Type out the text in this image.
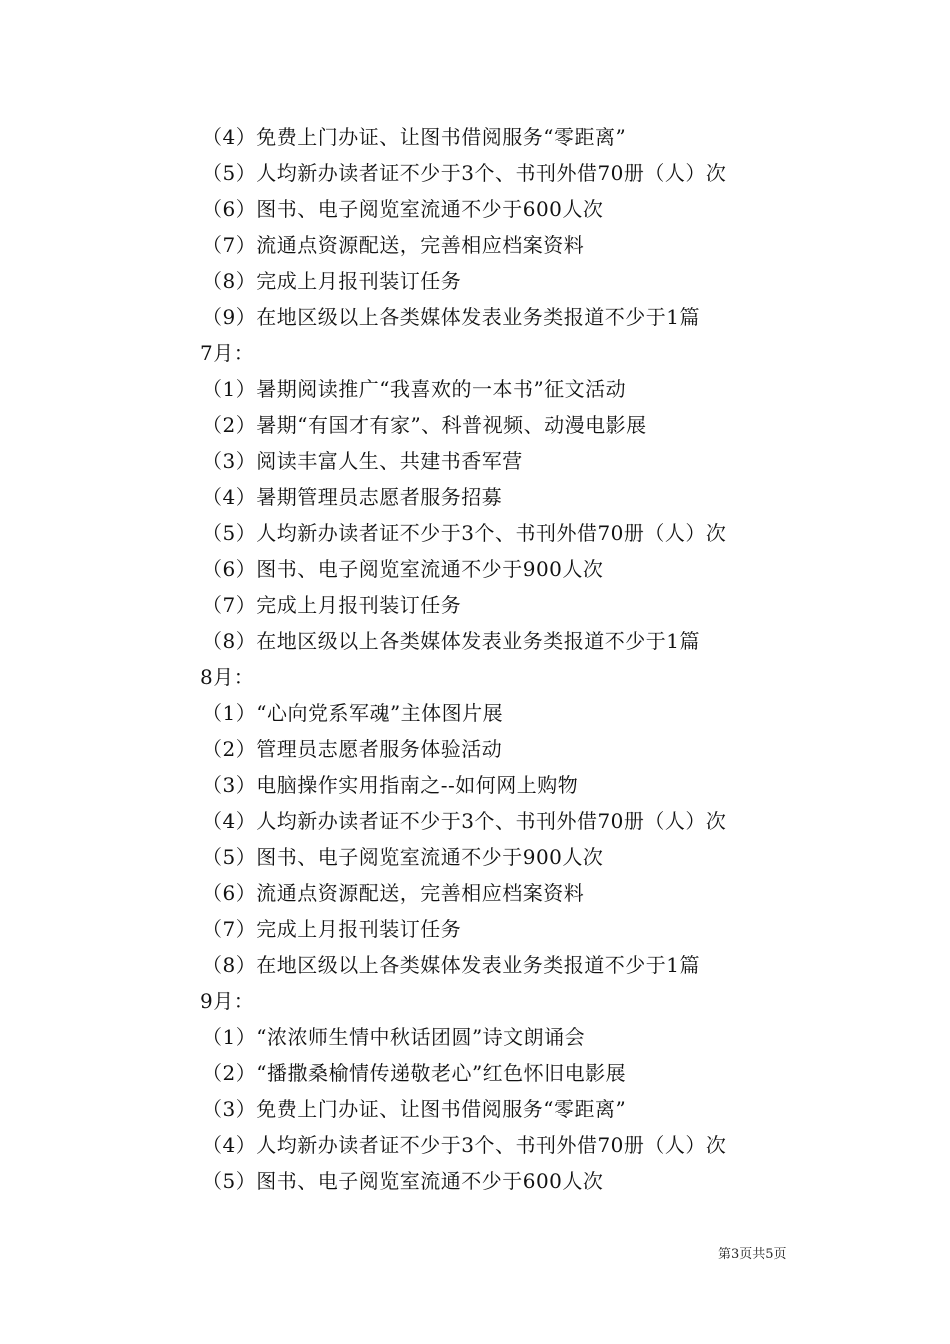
（4）免费上门办证、让图书借阅服务“零距离”
（5）人均新办读者证不少于3个、书刊外借70册（人）次
（6）图书、电子阅览室流通不少于600人次
（7）流通点资源配送，完善相应档案资料
（8）完成上月报刊装订任务
（9）在地区级以上各类媒体发表业务类报道不少于1篇
7月：
（1）暑期阅读推广“我喜欢的一本书”征文活动
（2）暑期“有国才有家”、科普视频、动漫电影展
（3）阅读丰富人生、共建书香军营
（4）暑期管理员志愿者服务招募
（5）人均新办读者证不少于3个、书刊外借70册（人）次
（6）图书、电子阅览室流通不少于900人次
（7）完成上月报刊装订任务
（8）在地区级以上各类媒体发表业务类报道不少于1篇
8月：
（1）“心向党系军魂”主体图片展
（2）管理员志愿者服务体验活动
（3）电脑操作实用指南之--如何网上购物
（4）人均新办读者证不少于3个、书刊外借70册（人）次
（5）图书、电子阅览室流通不少于900人次
（6）流通点资源配送，完善相应档案资料
（7）完成上月报刊装订任务
（8）在地区级以上各类媒体发表业务类报道不少于1篇
9月：
（1）“浓浓师生情中秋话团圆”诗文朗诵会
（2）“播撒桑榆情传递敬老心”红色怀旧电影展
（3）免费上门办证、让图书借阅服务“零距离”
（4）人均新办读者证不少于3个、书刊外借70册（人）次
（5）图书、电子阅览室流通不少于600人次
第3页共5页
